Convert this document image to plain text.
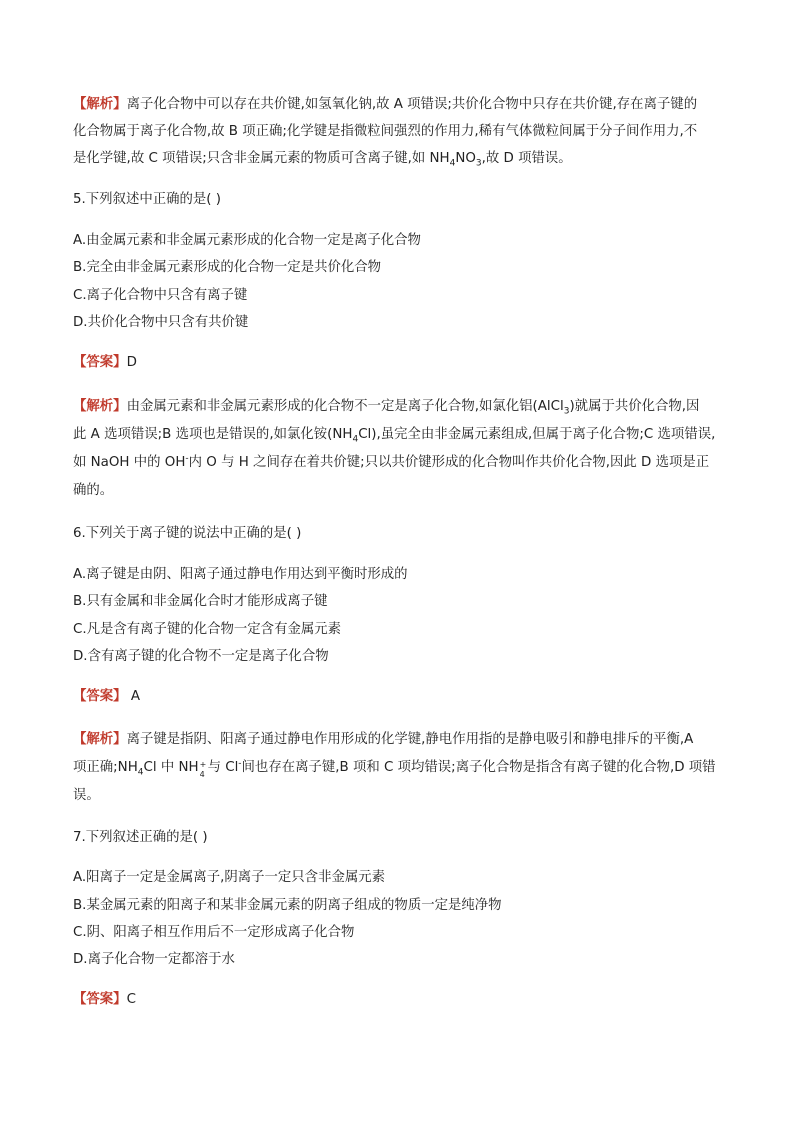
【解析】离子化合物中可以存在共价键,如氢氧化钠,故 A 项错误;共价化合物中只存在共价键,存在离子键的
化合物属于离子化合物,故 B 项正确;化学键是指微粒间强烈的作用力,稀有气体微粒间属于分子间作用力,不
是化学键,故 C 项错误;只含非金属元素的物质可含离子键,如 $NH_4NO_3$,故 D 项错误。
5.下列叙述中正确的是( )
A.由金属元素和非金属元素形成的化合物一定是离子化合物
B.完全由非金属元素形成的化合物一定是共价化合物
C.离子化合物中只含有离子键
D.共价化合物中只含有共价键
【答案】D
【解析】由金属元素和非金属元素形成的化合物不一定是离子化合物,如氯化铝(AlCl$_3$)就属于共价化合物,因
此 A 选项错误;B 选项也是错误的,如氯化铵$(NH_4Cl)$,虽完全由非金属元素组成,但属于离子化合物;C 选项错误,
如 NaOH 中的 OH-内 O 与 H 之间存在着共价键;只以共价键形成的化合物叫作共价化合物,因此 D 选项是正
确的。
6.下列关于离子键的说法中正确的是( )
A.离子键是由阴、阳离子通过静电作用达到平衡时形成的
B.只有金属和非金属化合时才能形成离子键
C.凡是含有离子键的化合物一定含有金属元素
D.含有离子键的化合物不一定是离子化合物
【答案】 A
【解析】离子键是指阴、阳离子通过静电作用形成的化学键,静电作用指的是静电吸引和静电排斥的平衡,A
项正确$;NH_4Cl$ 中 NH +
4 与 Cl-间也存在离子键,B 项和 C 项均错误;离子化合物是指含有离子键的化合物,D 项错
误。
7.下列叙述正确的是( )
A.阳离子一定是金属离子,阴离子一定只含非金属元素
B.某金属元素的阳离子和某非金属元素的阴离子组成的物质一定是纯净物
C.阴、阳离子相互作用后不一定形成离子化合物
D.离子化合物一定都溶于水
【答案】C
